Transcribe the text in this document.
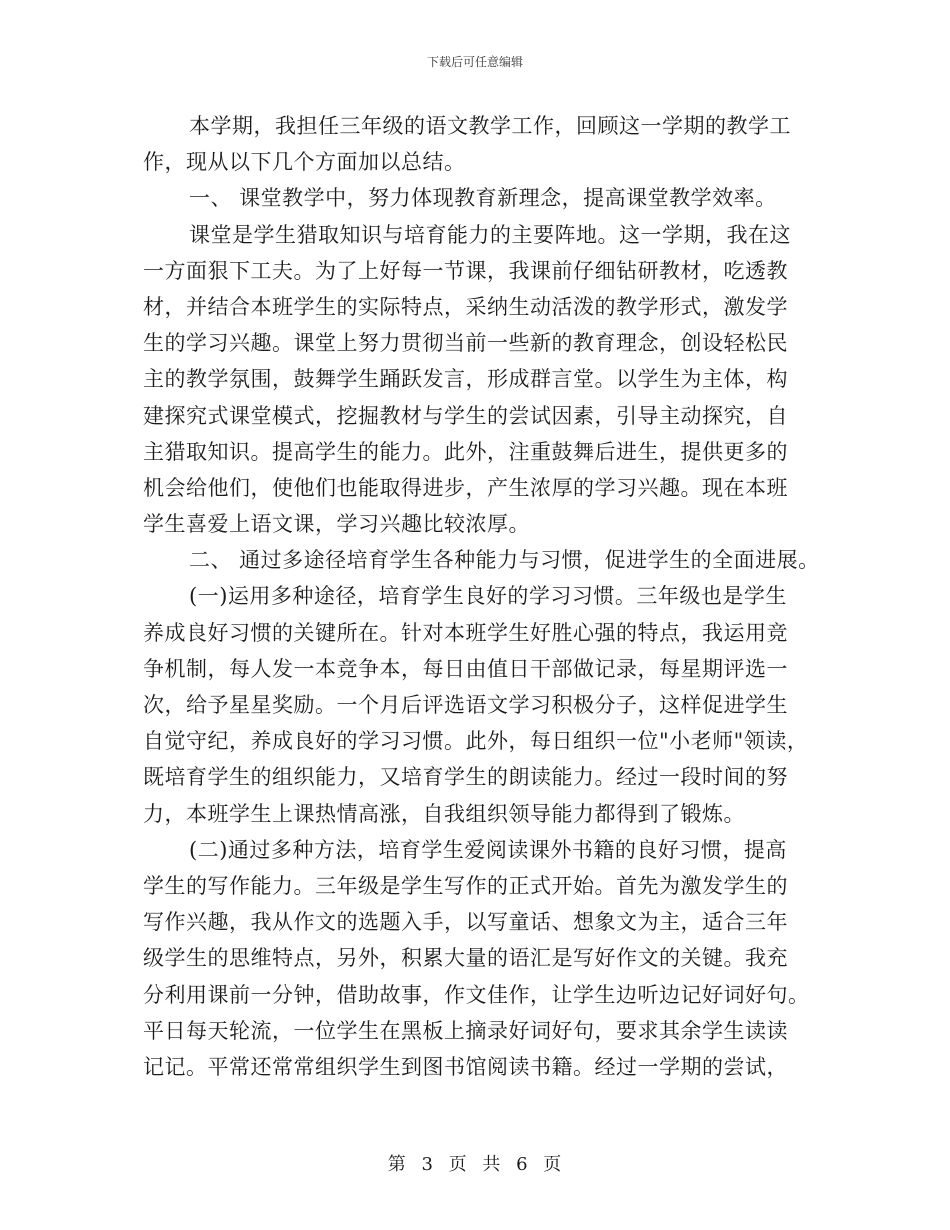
下载后可任意编辑
本学期，我担任三年级的语文教学工作，回顾这一学期的教学工
作，现从以下几个方面加以总结。
一、 课堂教学中，努力体现教育新理念，提高课堂教学效率。
课堂是学生猎取知识与培育能力的主要阵地。这一学期，我在这
一方面狠下工夫。为了上好每一节课，我课前仔细钻研教材，吃透教
材，并结合本班学生的实际特点，采纳生动活泼的教学形式，激发学
生的学习兴趣。课堂上努力贯彻当前一些新的教育理念，创设轻松民
主的教学氛围，鼓舞学生踊跃发言，形成群言堂。以学生为主体，构
建探究式课堂模式，挖掘教材与学生的尝试因素，引导主动探究，自
主猎取知识。提高学生的能力。此外，注重鼓舞后进生，提供更多的
机会给他们，使他们也能取得进步，产生浓厚的学习兴趣。现在本班
学生喜爱上语文课，学习兴趣比较浓厚。
二、 通过多途径培育学生各种能力与习惯，促进学生的全面进展。
(一)运用多种途径，培育学生良好的学习习惯。三年级也是学生
养成良好习惯的关键所在。针对本班学生好胜心强的特点，我运用竞
争机制，每人发一本竞争本，每日由值日干部做记录，每星期评选一
次，给予星星奖励。一个月后评选语文学习积极分子，这样促进学生
自觉守纪，养成良好的学习习惯。此外，每日组织一位"小老师"领读，
既培育学生的组织能力，又培育学生的朗读能力。经过一段时间的努
力，本班学生上课热情高涨，自我组织领导能力都得到了锻炼。
(二)通过多种方法，培育学生爱阅读课外书籍的良好习惯，提高
学生的写作能力。三年级是学生写作的正式开始。首先为激发学生的
写作兴趣，我从作文的选题入手，以写童话、想象文为主，适合三年
级学生的思维特点，另外，积累大量的语汇是写好作文的关键。我充
分利用课前一分钟，借助故事，作文佳作，让学生边听边记好词好句。
平日每天轮流，一位学生在黑板上摘录好词好句，要求其余学生读读
记记。平常还常常组织学生到图书馆阅读书籍。经过一学期的尝试，
第 3 页 共 6 页
